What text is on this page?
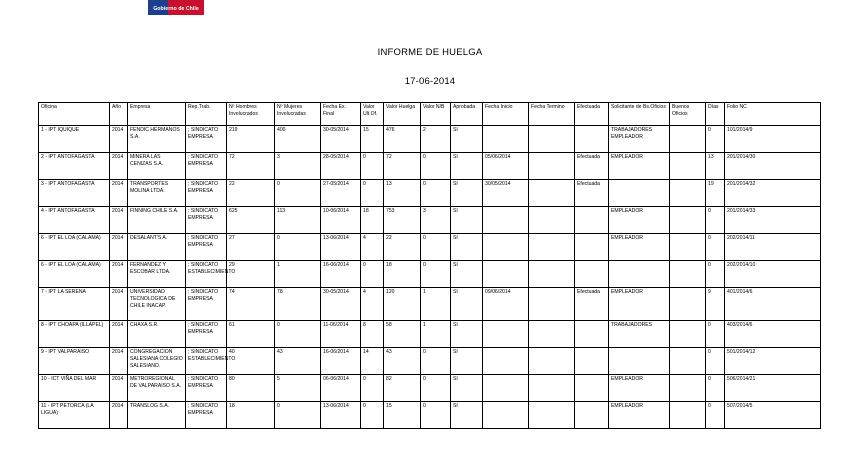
Gobierno de Chile
INFORME DE HUELGA
17-06-2014
Oficina	Año	Empresa	Rep.Trab.	Nº Hombres Involucrados	Nº Mujeres Involucradas	Fecha Ex. Final	Valor Ult.Of.	Valor Huelga	Valor N/B	Aprobada	Fecha Inicio	Fecha Termino	Efectuada	Solicitante de Bs.Oficios	Buenos Oficios	Días	Folio NC
1 - IPT IQUIQUE	2014	FENDIC HERMANOS S.A.	; SINDICATO EMPRESA	219	400	30-05/2014	15	476	2	SI				TRABAJADORES EMPLEADOR		0	101/2014/9
2 - IPT ANTOFAGASTA	2014	MINERA LAS CENIZAS S.A.	; SINDICATO EMPRESA	72	3	28-05/2014	0	72	0	SI	05/06/2014		Efectuada	EMPLEADOR		13	201/2014/30
3 - IPT ANTOFAGASTA	2014	TRANSPORTES MOLINA LTDA.	; SINDICATO EMPRESA	22	0	27-05/2014	0	13	0	SI	30/05/2014		Efectuada			19	201/2014/32
4 - IPT ANTOFAGASTA	2014	FINNING CHILE S.A.	; SINDICATO EMPRESA	625	113	10-06/2014	18	753	3	SI				EMPLEADOR		0	201/2014/33
6 - IPT EL LOA (CALAMA)	2014	DESALANT'S A.	; SINDICATO EMPRESA	27	0	13-06/2014	4	22	0	SI				EMPLEADOR		0	202/2014/11
6 - IPT EL LOA (CALAMA)	2014	FERNANDEZ Y ESCOBAR LTDA.	; SINDICATO ESTABLECIMIENTO	29	1	16-06/2014	0	18	0	SI						0	202/2014/10
7 - IPT LA SERENA	2014	UNIVERSIDAD TECNOLOGICA DE CHILE INACAP.	; SINDICATO EMPRESA	74	78	30-05/2014	4	120	1	SI	09/06/2014		Efectuada	EMPLEADOR		9	401/2014/6
8 - IPT CHOAPA (ILLAPEL)	2014	CHAXA S.R.	; SINDICATO EMPRESA	61	0	11-06/2014	8	58	1	SI				TRABAJADORES		0	403/2014/6
9 - IPT VALPARAISO	2014	CONGREGACION SALESIANA COLEGIO SALESIANO.	; SINDICATO ESTABLECIMIENTO	40	43	16-06/2014	14	43	0	SI						0	501/2014/12
10 - ICT VIÑA DEL MAR	2014	METROREGIONAL DE VALPARAISO S.A.	; SINDICATO EMPRESA	80	5	06-06/2014	0	82	0	SI				EMPLEADOR		0	506/2014/21
11 - IPT PETORCA (LA LIGUA)	2014	TRANSLOG S.A.	; SINDICATO EMPRESA	18	0	13-06/2014	0	15	0	SI				EMPLEADOR		0	507/2014/5
